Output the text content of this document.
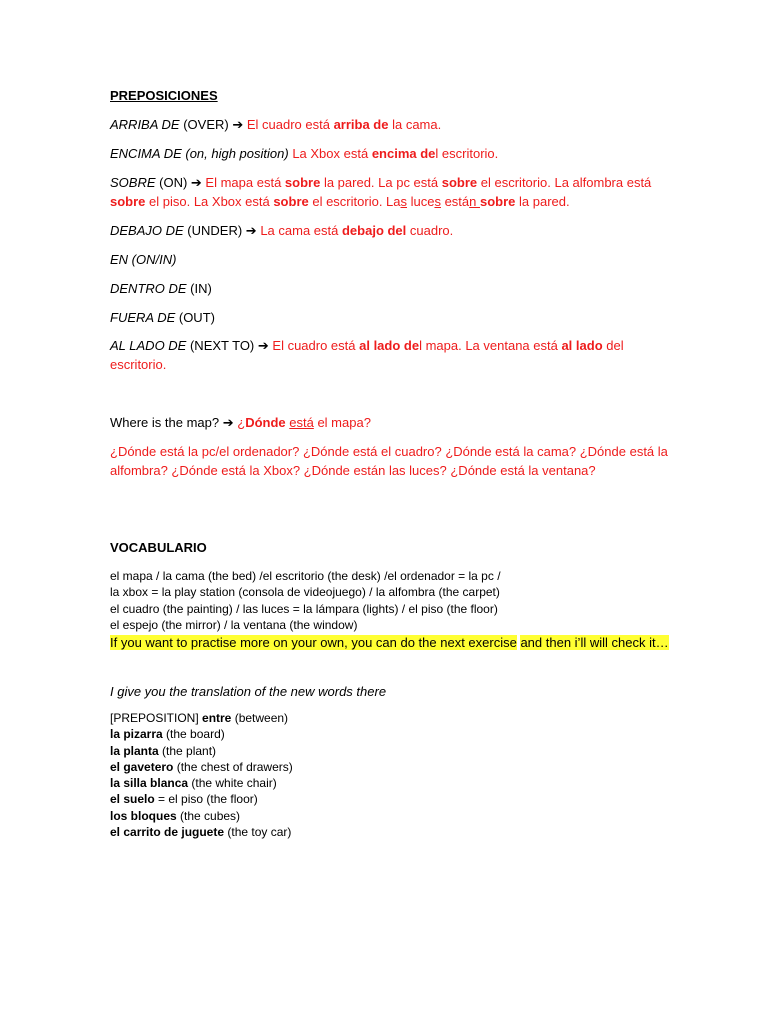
PREPOSICIONES

ARRIBA DE (OVER) ➔ El cuadro está arriba de la cama.

ENCIMA DE (on, high position) La Xbox está encima del escritorio.

SOBRE (ON) ➔ El mapa está sobre la pared. La pc está sobre el escritorio. La alfombra está sobre el piso. La Xbox está sobre el escritorio. Las luces están sobre la pared.

DEBAJO DE (UNDER) ➔ La cama está debajo del cuadro.

EN (ON/IN)

DENTRO DE (IN)

FUERA DE (OUT)

AL LADO DE (NEXT TO) ➔ El cuadro está al lado del mapa. La ventana está al lado del escritorio.

Where is the map? ➔ ¿Dónde está el mapa?

¿Dónde está la pc/el ordenador? ¿Dónde está el cuadro? ¿Dónde está la cama? ¿Dónde está la alfombra? ¿Dónde está la Xbox? ¿Dónde están las luces? ¿Dónde está la ventana?

VOCABULARIO

el mapa / la cama (the bed) /el escritorio (the desk) /el ordenador = la pc /

la xbox = la play station (consola de videojuego) / la alfombra (the carpet)

el cuadro (the painting) / las luces = la lámpara (lights) / el piso (the floor)

el espejo (the mirror) / la ventana (the window)

If you want to practise more on your own, you can do the next exercise and then i’ll will check it…

I give you the translation of the new words there

[PREPOSITION] entre (between)

la pizarra (the board)

la planta (the plant)

el gavetero (the chest of drawers)

la silla blanca (the white chair)

el suelo = el piso (the floor)

los bloques (the cubes)

el carrito de juguete (the toy car)
